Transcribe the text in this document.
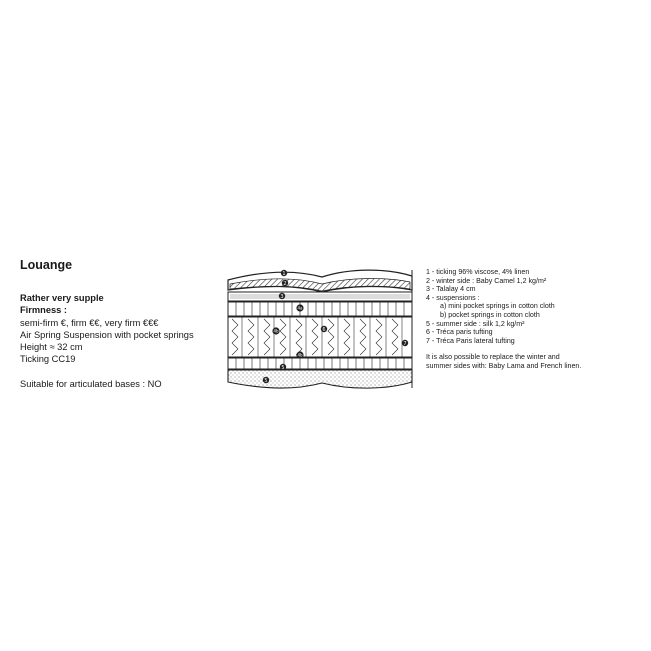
Louange
Rather very supple
Firmness :
semi-firm €, firm €€, very firm €€€
Air Spring Suspension with pocket springs
Height ≈ 32 cm
Ticking CC19
Suitable for articulated bases : NO
1
2
3
4a
4b
4b
5
6
7
5
1 - ticking 96% viscose, 4% linen
2 - winter side : Baby Camel 1,2 kg/m²
3 - Talalay 4 cm
4 - suspensions :
a) mini pocket springs in cotton cloth
b) pocket springs in cotton cloth
5 - summer side : silk 1,2 kg/m²
6 - Tréca paris tufting
7 - Tréca Paris lateral tufting
It is also possible to replace the winter and
summer sides with: Baby Lama and French linen.
